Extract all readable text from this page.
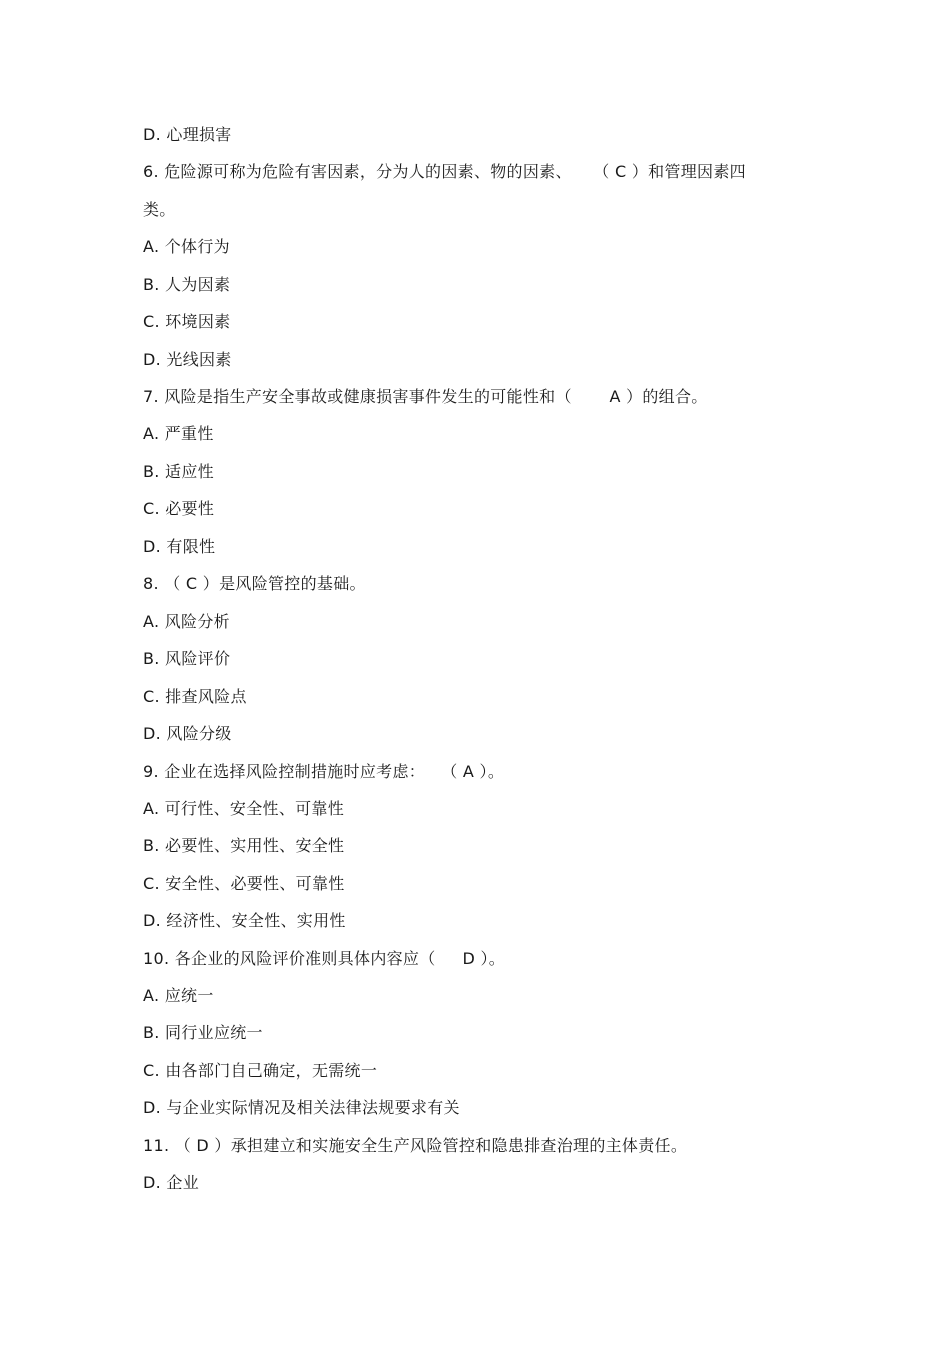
D. 心理损害
6. 危险源可称为危险有害因素，分为人的因素、物的因素、    （ C ）和管理因素四
类。
A. 个体行为
B. 人为因素
C. 环境因素
D. 光线因素
7. 风险是指生产安全事故或健康损害事件发生的可能性和（       A ）的组合。
A. 严重性
B. 适应性
C. 必要性
D. 有限性
8. （ C ）是风险管控的基础。
A. 风险分析
B. 风险评价
C. 排查风险点
D. 风险分级
9. 企业在选择风险控制措施时应考虑：   （ A ）。
A. 可行性、安全性、可靠性
B. 必要性、实用性、安全性
C. 安全性、必要性、可靠性
D. 经济性、安全性、实用性
10. 各企业的风险评价准则具体内容应（     D ）。
A. 应统一
B. 同行业应统一
C. 由各部门自己确定，无需统一
D. 与企业实际情况及相关法律法规要求有关
11. （ D ）承担建立和实施安全生产风险管控和隐患排查治理的主体责任。
D. 企业
